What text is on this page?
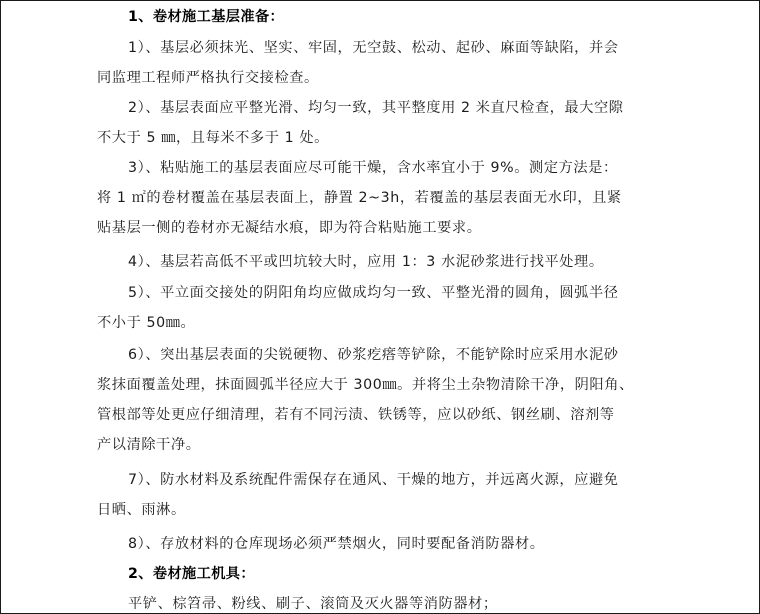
1、卷材施工基层准备：
1）、基层必须抹光、坚实、牢固，无空鼓、松动、起砂、麻面等缺陷，并会
同监理工程师严格执行交接检查。
2）、基层表面应平整光滑、均匀一致，其平整度用 2 米直尺检查，最大空隙
不大于 5 ㎜，且每米不多于 1 处。
3）、粘贴施工的基层表面应尽可能干燥，含水率宜小于 9%。测定方法是：
将 1 ㎡的卷材覆盖在基层表面上，静置 2~3h，若覆盖的基层表面无水印，且紧
贴基层一侧的卷材亦无凝结水痕，即为符合粘贴施工要求。
4）、基层若高低不平或凹坑较大时，应用 1：3 水泥砂浆进行找平处理。
5）、平立面交接处的阴阳角均应做成均匀一致、平整光滑的圆角，圆弧半径
不小于 50㎜。
6）、突出基层表面的尖锐硬物、砂浆疙瘩等铲除，不能铲除时应采用水泥砂
浆抹面覆盖处理，抹面圆弧半径应大于 300㎜。并将尘土杂物清除干净，阴阳角、
管根部等处更应仔细清理，若有不同污渍、铁锈等，应以砂纸、钢丝刷、溶剂等
产以清除干净。
7）、防水材料及系统配件需保存在通风、干燥的地方，并远离火源，应避免
日晒、雨淋。
8）、存放材料的仓库现场必须严禁烟火，同时要配备消防器材。
2、卷材施工机具：
平铲、棕笤帚、粉线、刷子、滚筒及灭火器等消防器材；
